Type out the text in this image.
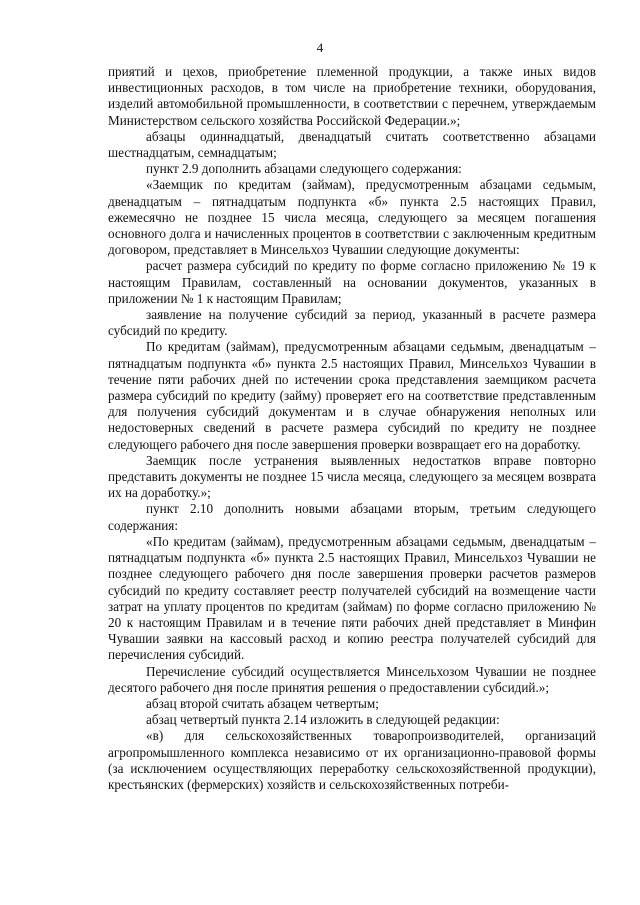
4

приятий и цехов, приобретение племенной продукции, а также иных видов инвестиционных расходов, в том числе на приобретение техники, оборудования, изделий автомобильной промышленности, в соответствии с перечнем, утверждаемым Министерством сельского хозяйства Российской Федерации.»;

абзацы одиннадцатый, двенадцатый считать соответственно абзацами шестнадцатым, семнадцатым;

пункт 2.9 дополнить абзацами следующего содержания:

«Заемщик по кредитам (займам), предусмотренным абзацами седьмым, двенадцатым – пятнадцатым подпункта «б» пункта 2.5 настоящих Правил, ежемесячно не позднее 15 числа месяца, следующего за месяцем погашения основного долга и начисленных процентов в соответствии с заключенным кредитным договором, представляет в Минсельхоз Чувашии следующие документы:

расчет размера субсидий по кредиту по форме согласно приложению № 19 к настоящим Правилам, составленный на основании документов, указанных в приложении № 1 к настоящим Правилам;

заявление на получение субсидий за период, указанный в расчете размера субсидий по кредиту.

По кредитам (займам), предусмотренным абзацами седьмым, двенадцатым – пятнадцатым подпункта «б» пункта 2.5 настоящих Правил, Минсельхоз Чувашии в течение пяти рабочих дней по истечении срока представления заемщиком расчета размера субсидий по кредиту (займу) проверяет его на соответствие представленным для получения субсидий документам и в случае обнаружения неполных или недостоверных сведений в расчете размера субсидий по кредиту не позднее следующего рабочего дня после завершения проверки возвращает его на доработку.

Заемщик после устранения выявленных недостатков вправе повторно представить документы не позднее 15 числа месяца, следующего за месяцем возврата их на доработку.»;

пункт 2.10 дополнить новыми абзацами вторым, третьим следующего содержания:

«По кредитам (займам), предусмотренным абзацами седьмым, двенадцатым – пятнадцатым подпункта «б» пункта 2.5 настоящих Правил, Минсельхоз Чувашии не позднее следующего рабочего дня после завершения проверки расчетов размеров субсидий по кредиту составляет реестр получателей субсидий на возмещение части затрат на уплату процентов по кредитам (займам) по форме согласно приложению № 20 к настоящим Правилам и в течение пяти рабочих дней представляет в Минфин Чувашии заявки на кассовый расход и копию реестра получателей субсидий для перечисления субсидий.

Перечисление субсидий осуществляется Минсельхозом Чувашии не позднее десятого рабочего дня после принятия решения о предоставлении субсидий.»;

абзац второй считать абзацем четвертым;

абзац четвертый пункта 2.14 изложить в следующей редакции:

«в) для сельскохозяйственных товаропроизводителей, организаций агропромышленного комплекса независимо от их организационно-правовой формы (за исключением осуществляющих переработку сельскохозяйственной продукции), крестьянских (фермерских) хозяйств и сельскохозяйственных потреби-
